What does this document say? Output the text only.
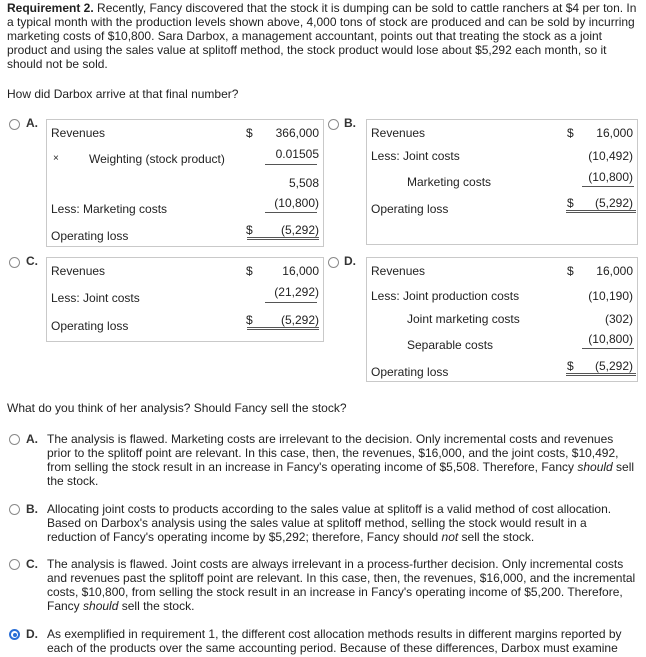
Requirement 2. Recently, Fancy discovered that the stock it is dumping can be sold to cattle ranchers at $4 per ton. In a typical month with the production levels shown above, 4,000 tons of stock are produced and can be sold by incurring marketing costs of $10,800. Sara Darbox, a management accountant, points out that treating the stock as a joint product and using the sales value at splitoff method, the stock product would lose about $5,292 each month, so it should not be sold.
How did Darbox arrive at that final number?
A.
Revenues	$ 366,000
×	Weighting (stock product)	0.01505
5,508
Less: Marketing costs	(10,800)
Operating loss	$ (5,292)
B.
Revenues	$ 16,000
Less: Joint costs	(10,492)
Marketing costs	(10,800)
Operating loss	$ (5,292)
C.
Revenues	$ 16,000
Less: Joint costs	(21,292)
Operating loss	$ (5,292)
D.
Revenues	$ 16,000
Less: Joint production costs	(10,190)
Joint marketing costs	(302)
Separable costs	(10,800)
Operating loss	$ (5,292)
What do you think of her analysis? Should Fancy sell the stock?
A. The analysis is flawed. Marketing costs are irrelevant to the decision. Only incremental costs and revenues prior to the splitoff point are relevant. In this case, then, the revenues, $16,000, and the joint costs, $10,492, from selling the stock result in an increase in Fancy's operating income of $5,508. Therefore, Fancy should sell the stock.
B. Allocating joint costs to products according to the sales value at splitoff is a valid method of cost allocation. Based on Darbox's analysis using the sales value at splitoff method, selling the stock would result in a reduction of Fancy's operating income by $5,292; therefore, Fancy should not sell the stock.
C. The analysis is flawed. Joint costs are always irrelevant in a process-further decision. Only incremental costs and revenues past the splitoff point are relevant. In this case, then, the revenues, $16,000, and the incremental costs, $10,800, from selling the stock result in an increase in Fancy's operating income of $5,200. Therefore, Fancy should sell the stock.
D. As exemplified in requirement 1, the different cost allocation methods results in different margins reported by each of the products over the same accounting period. Because of these differences, Darbox must examine
